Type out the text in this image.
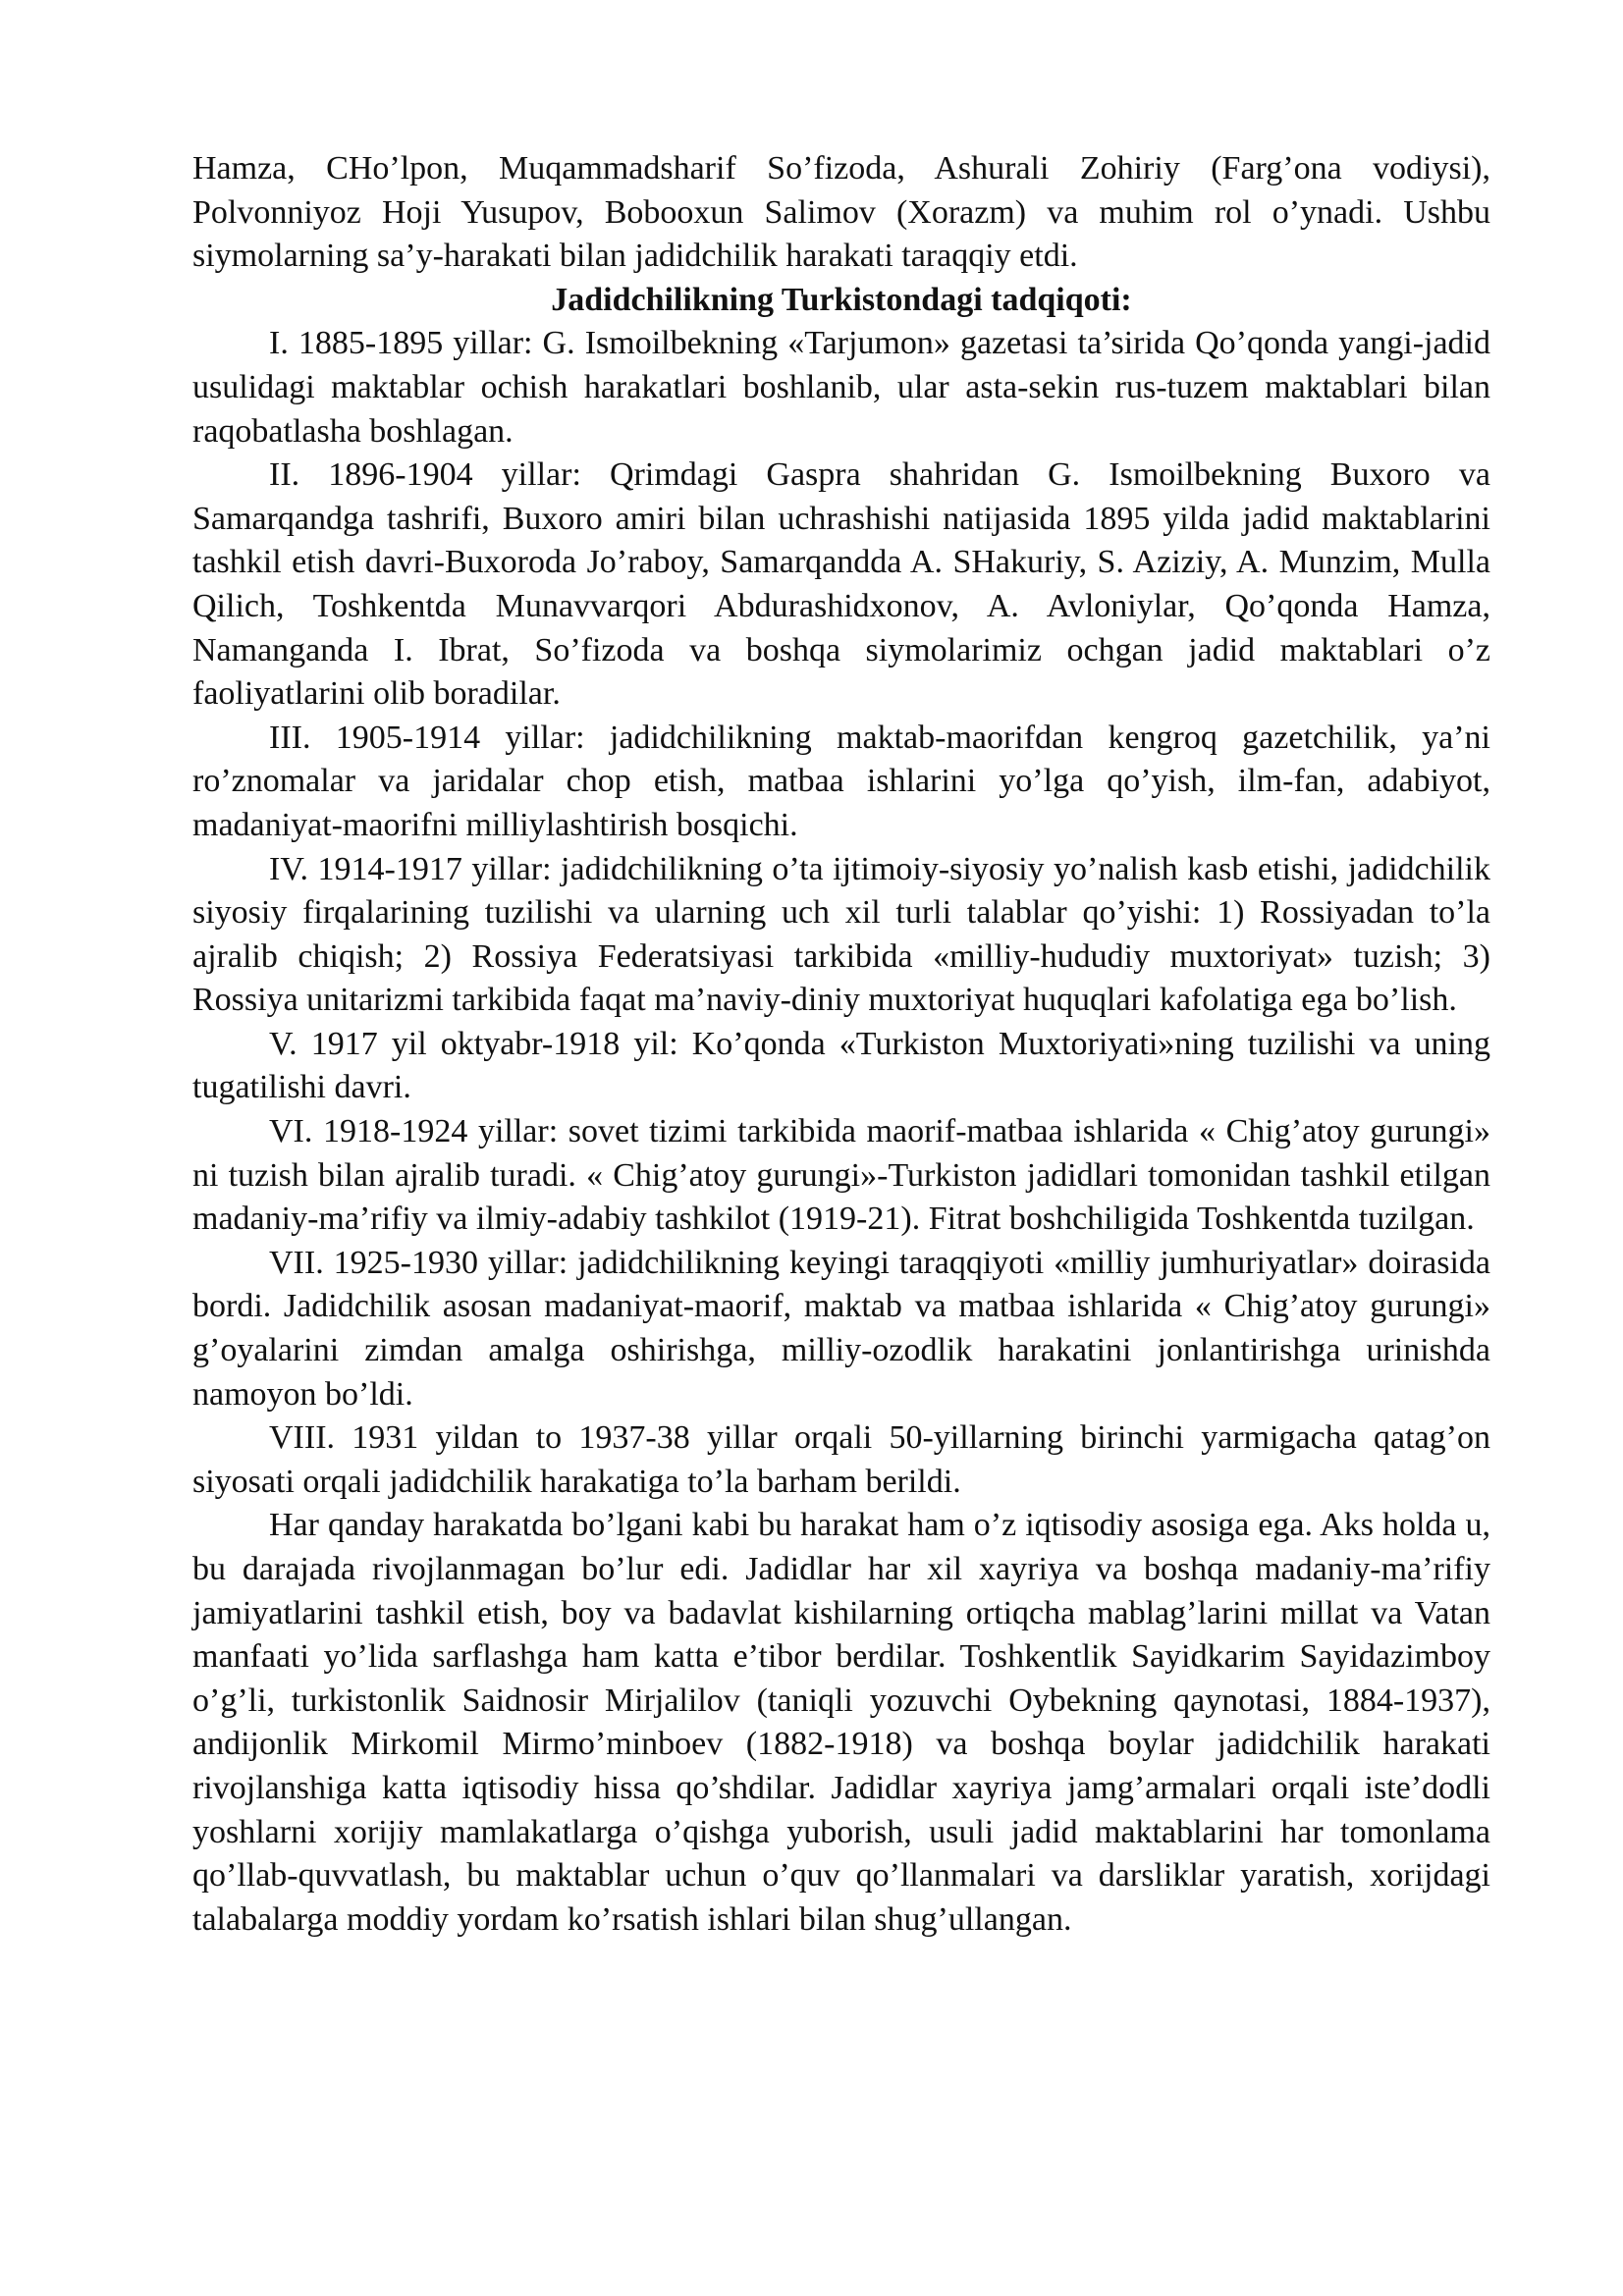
Hamza, CHo’lpon, Muqammadsharif So’fizoda, Ashurali Zohiriy (Farg’ona vodiysi), Polvonniyoz Hoji Yusupov, Bobooxun Salimov (Xorazm) va muhim rol o’ynadi. Ushbu siymolarning sa’y-harakati bilan jadidchilik harakati taraqqiy etdi.

Jadidchilikning Turkistondagi tadqiqoti:

I. 1885-1895 yillar: G. Ismoilbekning «Tarjumon» gazetasi ta’sirida Qo’qonda yangi-jadid usulidagi maktablar ochish harakatlari boshlanib, ular asta-sekin rus-tuzem maktablari bilan raqobatlasha boshlagan.

II. 1896-1904 yillar: Qrimdagi Gaspra shahridan G. Ismoilbekning Buxoro va Samarqandga tashrifi, Buxoro amiri bilan uchrashishi natijasida 1895 yilda jadid maktablarini tashkil etish davri-Buxoroda Jo’raboy, Samarqandda A. SHakuriy, S. Aziziy, A. Munzim, Mulla Qilich, Toshkentda Munavvarqori Abdurashidxonov, A. Avloniylar, Qo’qonda Hamza, Namanganda I. Ibrat, So’fizoda va boshqa siymolarimiz ochgan jadid maktablari o’z faoliyatlarini olib boradilar.

III. 1905-1914 yillar: jadidchilikning maktab-maorifdan kengroq gazetchilik, ya’ni ro’znomalar va jaridalar chop etish, matbaa ishlarini yo’lga qo’yish, ilm-fan, adabiyot, madaniyat-maorifni milliylashtirish bosqichi.

IV. 1914-1917 yillar: jadidchilikning o’ta ijtimoiy-siyosiy yo’nalish kasb etishi, jadidchilik siyosiy firqalarining tuzilishi va ularning uch xil turli talablar qo’yishi: 1) Rossiyadan to’la ajralib chiqish; 2) Rossiya Federatsiyasi tarkibida «milliy-hududiy muxtoriyat» tuzish; 3) Rossiya unitarizmi tarkibida faqat ma’naviy-diniy muxtoriyat huquqlari kafolatiga ega bo’lish.

V. 1917 yil oktyabr-1918 yil: Ko’qonda «Turkiston Muxtoriyati»ning tuzilishi va uning tugatilishi davri.

VI. 1918-1924 yillar: sovet tizimi tarkibida maorif-matbaa ishlarida « Chig’atoy gurungi» ni tuzish bilan ajralib turadi. « Chig’atoy gurungi»-Turkiston jadidlari tomonidan tashkil etilgan madaniy-ma’rifiy va ilmiy-adabiy tashkilot (1919-21). Fitrat boshchiligida Toshkentda tuzilgan.

VII. 1925-1930 yillar: jadidchilikning keyingi taraqqiyoti «milliy jumhuriyatlar» doirasida bordi. Jadidchilik asosan madaniyat-maorif, maktab va matbaa ishlarida « Chig’atoy gurungi» g’oyalarini zimdan amalga oshirishga, milliy-ozodlik harakatini jonlantirishga urinishda namoyon bo’ldi.

VIII. 1931 yildan to 1937-38 yillar orqali 50-yillarning birinchi yarmigacha qatag’on siyosati orqali jadidchilik harakatiga to’la barham berildi.

Har qanday harakatda bo’lgani kabi bu harakat ham o’z iqtisodiy asosiga ega. Aks holda u, bu darajada rivojlanmagan bo’lur edi. Jadidlar har xil xayriya va boshqa madaniy-ma’rifiy jamiyatlarini tashkil etish, boy va badavlat kishilarning ortiqcha mablag’larini millat va Vatan manfaati yo’lida sarflashga ham katta e’tibor berdilar. Toshkentlik Sayidkarim Sayidazimboy o’g’li, turkistonlik Saidnosir Mirjalilov (taniqli yozuvchi Oybekning qaynotasi, 1884-1937), andijonlik Mirkomil Mirmo’minboev (1882-1918) va boshqa boylar jadidchilik harakati rivojlanshiga katta iqtisodiy hissa qo’shdilar. Jadidlar xayriya jamg’armalari orqali iste’dodli yoshlarni xorijiy mamlakatlarga o’qishga yuborish, usuli jadid maktablarini har tomonlama qo’llab-quvvatlash, bu maktablar uchun o’quv qo’llanmalari va darsliklar yaratish, xorijdagi talabalarga moddiy yordam ko’rsatish ishlari bilan shug’ullangan.
